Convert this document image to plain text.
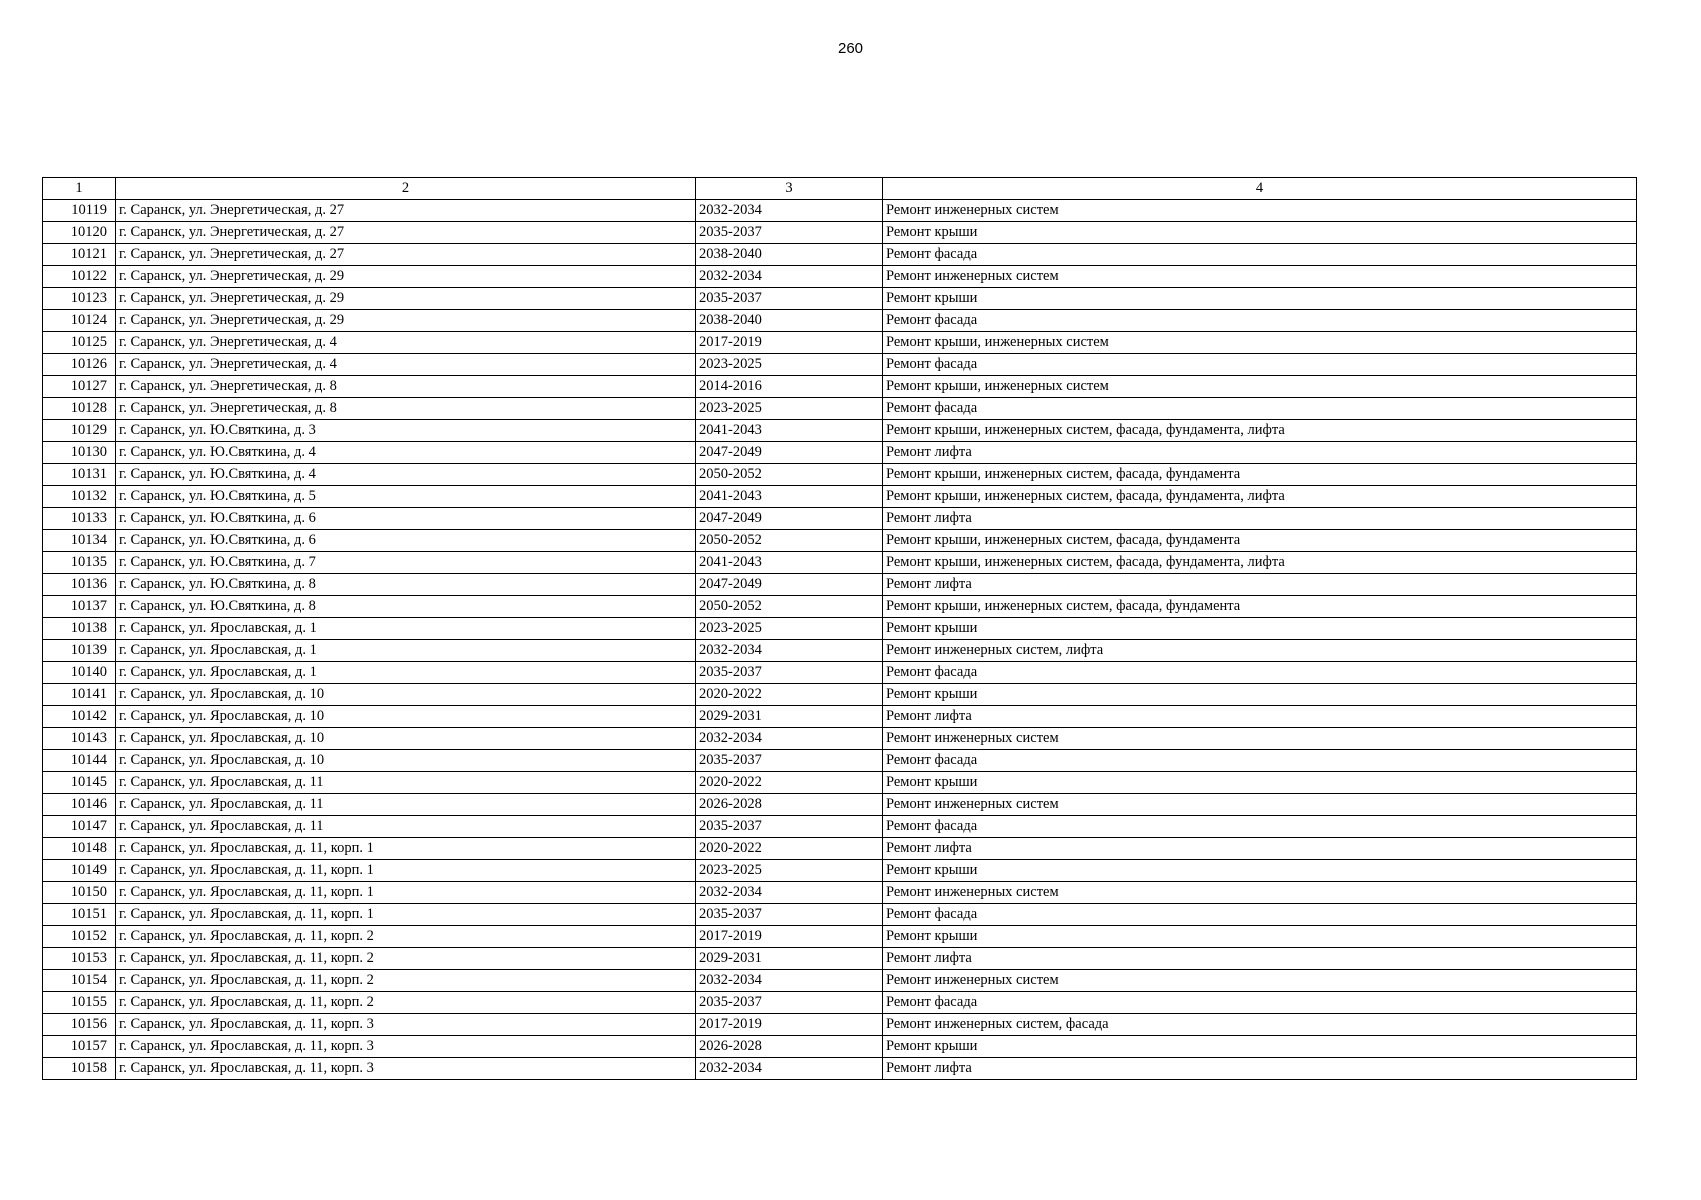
260
1	2	3	4
10119	г. Саранск, ул. Энергетическая, д. 27	2032-2034	Ремонт инженерных систем
10120	г. Саранск, ул. Энергетическая, д. 27	2035-2037	Ремонт крыши
10121	г. Саранск, ул. Энергетическая, д. 27	2038-2040	Ремонт фасада
10122	г. Саранск, ул. Энергетическая, д. 29	2032-2034	Ремонт инженерных систем
10123	г. Саранск, ул. Энергетическая, д. 29	2035-2037	Ремонт крыши
10124	г. Саранск, ул. Энергетическая, д. 29	2038-2040	Ремонт фасада
10125	г. Саранск, ул. Энергетическая, д. 4	2017-2019	Ремонт крыши, инженерных систем
10126	г. Саранск, ул. Энергетическая, д. 4	2023-2025	Ремонт фасада
10127	г. Саранск, ул. Энергетическая, д. 8	2014-2016	Ремонт крыши, инженерных систем
10128	г. Саранск, ул. Энергетическая, д. 8	2023-2025	Ремонт фасада
10129	г. Саранск, ул. Ю.Святкина, д. 3	2041-2043	Ремонт крыши, инженерных систем, фасада, фундамента, лифта
10130	г. Саранск, ул. Ю.Святкина, д. 4	2047-2049	Ремонт лифта
10131	г. Саранск, ул. Ю.Святкина, д. 4	2050-2052	Ремонт крыши, инженерных систем, фасада, фундамента
10132	г. Саранск, ул. Ю.Святкина, д. 5	2041-2043	Ремонт крыши, инженерных систем, фасада, фундамента, лифта
10133	г. Саранск, ул. Ю.Святкина, д. 6	2047-2049	Ремонт лифта
10134	г. Саранск, ул. Ю.Святкина, д. 6	2050-2052	Ремонт крыши, инженерных систем, фасада, фундамента
10135	г. Саранск, ул. Ю.Святкина, д. 7	2041-2043	Ремонт крыши, инженерных систем, фасада, фундамента, лифта
10136	г. Саранск, ул. Ю.Святкина, д. 8	2047-2049	Ремонт лифта
10137	г. Саранск, ул. Ю.Святкина, д. 8	2050-2052	Ремонт крыши, инженерных систем, фасада, фундамента
10138	г. Саранск, ул. Ярославская, д. 1	2023-2025	Ремонт крыши
10139	г. Саранск, ул. Ярославская, д. 1	2032-2034	Ремонт инженерных систем, лифта
10140	г. Саранск, ул. Ярославская, д. 1	2035-2037	Ремонт фасада
10141	г. Саранск, ул. Ярославская, д. 10	2020-2022	Ремонт крыши
10142	г. Саранск, ул. Ярославская, д. 10	2029-2031	Ремонт лифта
10143	г. Саранск, ул. Ярославская, д. 10	2032-2034	Ремонт инженерных систем
10144	г. Саранск, ул. Ярославская, д. 10	2035-2037	Ремонт фасада
10145	г. Саранск, ул. Ярославская, д. 11	2020-2022	Ремонт крыши
10146	г. Саранск, ул. Ярославская, д. 11	2026-2028	Ремонт инженерных систем
10147	г. Саранск, ул. Ярославская, д. 11	2035-2037	Ремонт фасада
10148	г. Саранск, ул. Ярославская, д. 11, корп. 1	2020-2022	Ремонт лифта
10149	г. Саранск, ул. Ярославская, д. 11, корп. 1	2023-2025	Ремонт крыши
10150	г. Саранск, ул. Ярославская, д. 11, корп. 1	2032-2034	Ремонт инженерных систем
10151	г. Саранск, ул. Ярославская, д. 11, корп. 1	2035-2037	Ремонт фасада
10152	г. Саранск, ул. Ярославская, д. 11, корп. 2	2017-2019	Ремонт крыши
10153	г. Саранск, ул. Ярославская, д. 11, корп. 2	2029-2031	Ремонт лифта
10154	г. Саранск, ул. Ярославская, д. 11, корп. 2	2032-2034	Ремонт инженерных систем
10155	г. Саранск, ул. Ярославская, д. 11, корп. 2	2035-2037	Ремонт фасада
10156	г. Саранск, ул. Ярославская, д. 11, корп. 3	2017-2019	Ремонт инженерных систем, фасада
10157	г. Саранск, ул. Ярославская, д. 11, корп. 3	2026-2028	Ремонт крыши
10158	г. Саранск, ул. Ярославская, д. 11, корп. 3	2032-2034	Ремонт лифта
